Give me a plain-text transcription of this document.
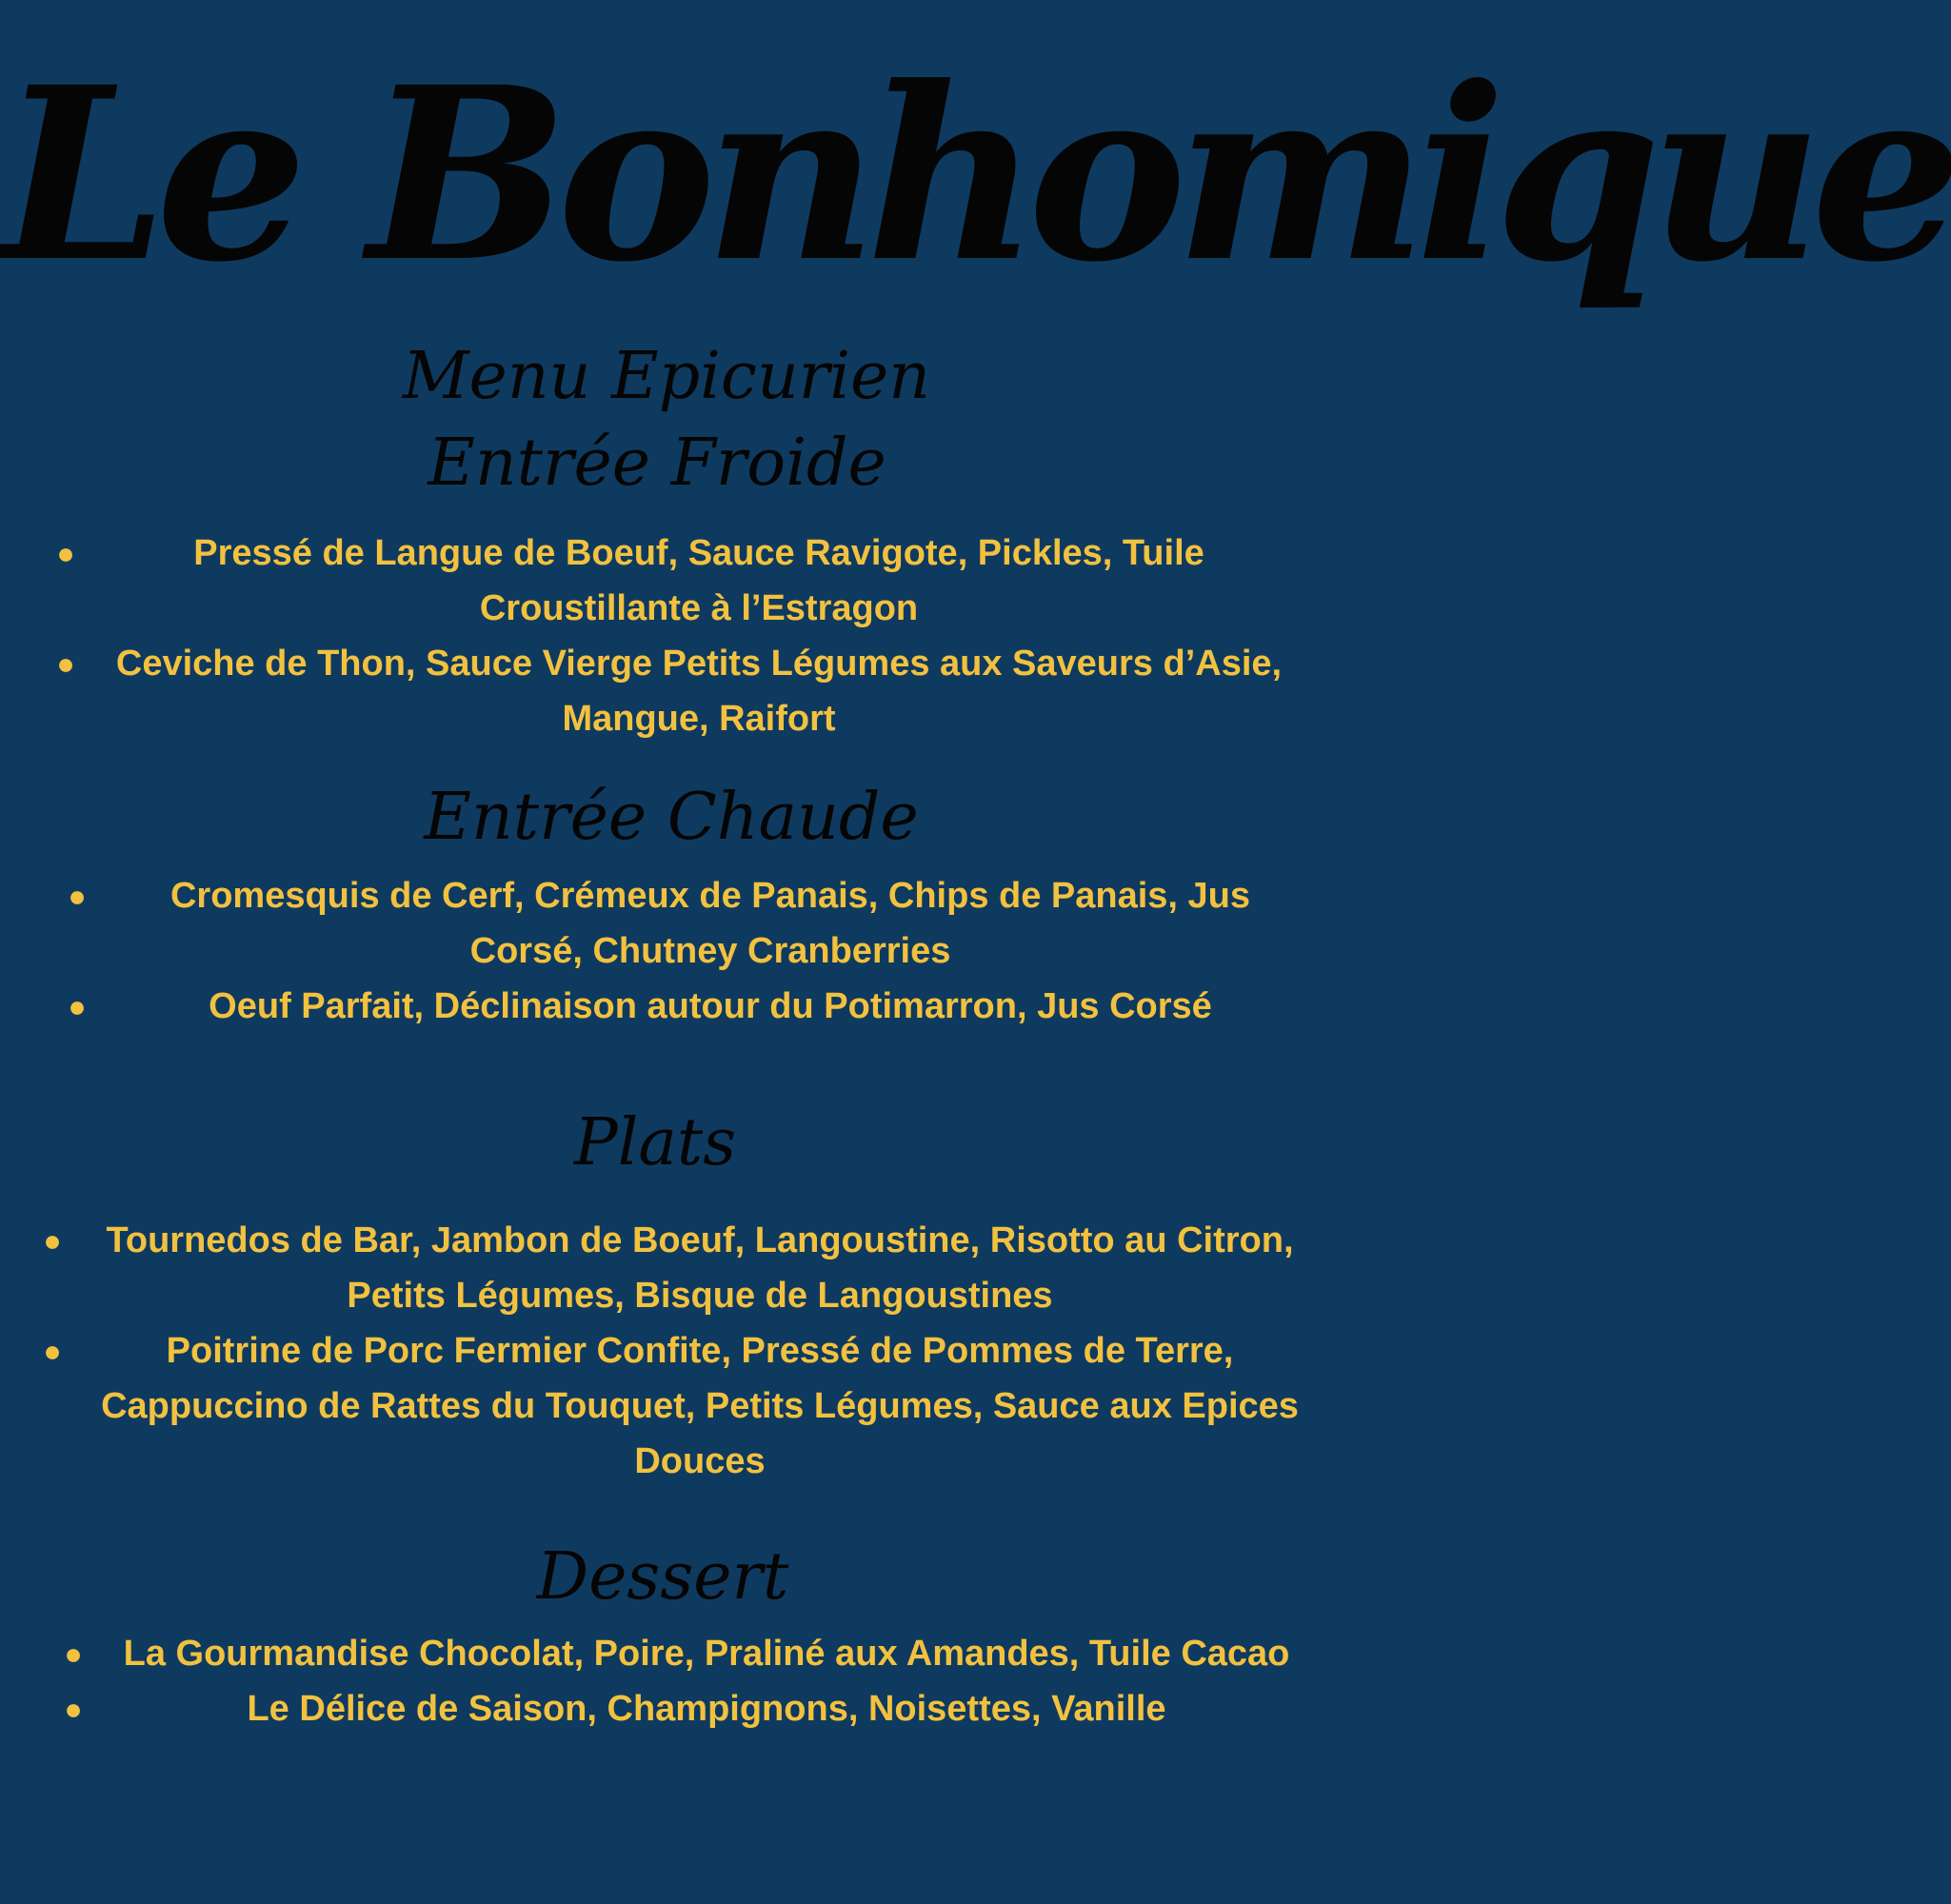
Le Bonhomique
Menu Epicurien
Entrée Froide
●	Pressé de Langue de Boeuf, Sauce Ravigote, Pickles, Tuile Croustillante à l’Estragon
●	Ceviche de Thon, Sauce Vierge Petits Légumes aux Saveurs d’Asie, Mangue, Raifort
Entrée Chaude
●	Cromesquis de Cerf, Crémeux de Panais, Chips de Panais, Jus Corsé, Chutney Cranberries
●	Oeuf Parfait, Déclinaison autour du Potimarron, Jus Corsé
Plats
●	Tournedos de Bar, Jambon de Boeuf, Langoustine, Risotto au Citron, Petits Légumes, Bisque de Langoustines
●	Poitrine de Porc Fermier Confite, Pressé de Pommes de Terre, Cappuccino de Rattes du Touquet, Petits Légumes, Sauce aux Epices Douces
Dessert
●	La Gourmandise Chocolat, Poire, Praliné aux Amandes, Tuile Cacao
●	Le Délice de Saison, Champignons, Noisettes, Vanille
